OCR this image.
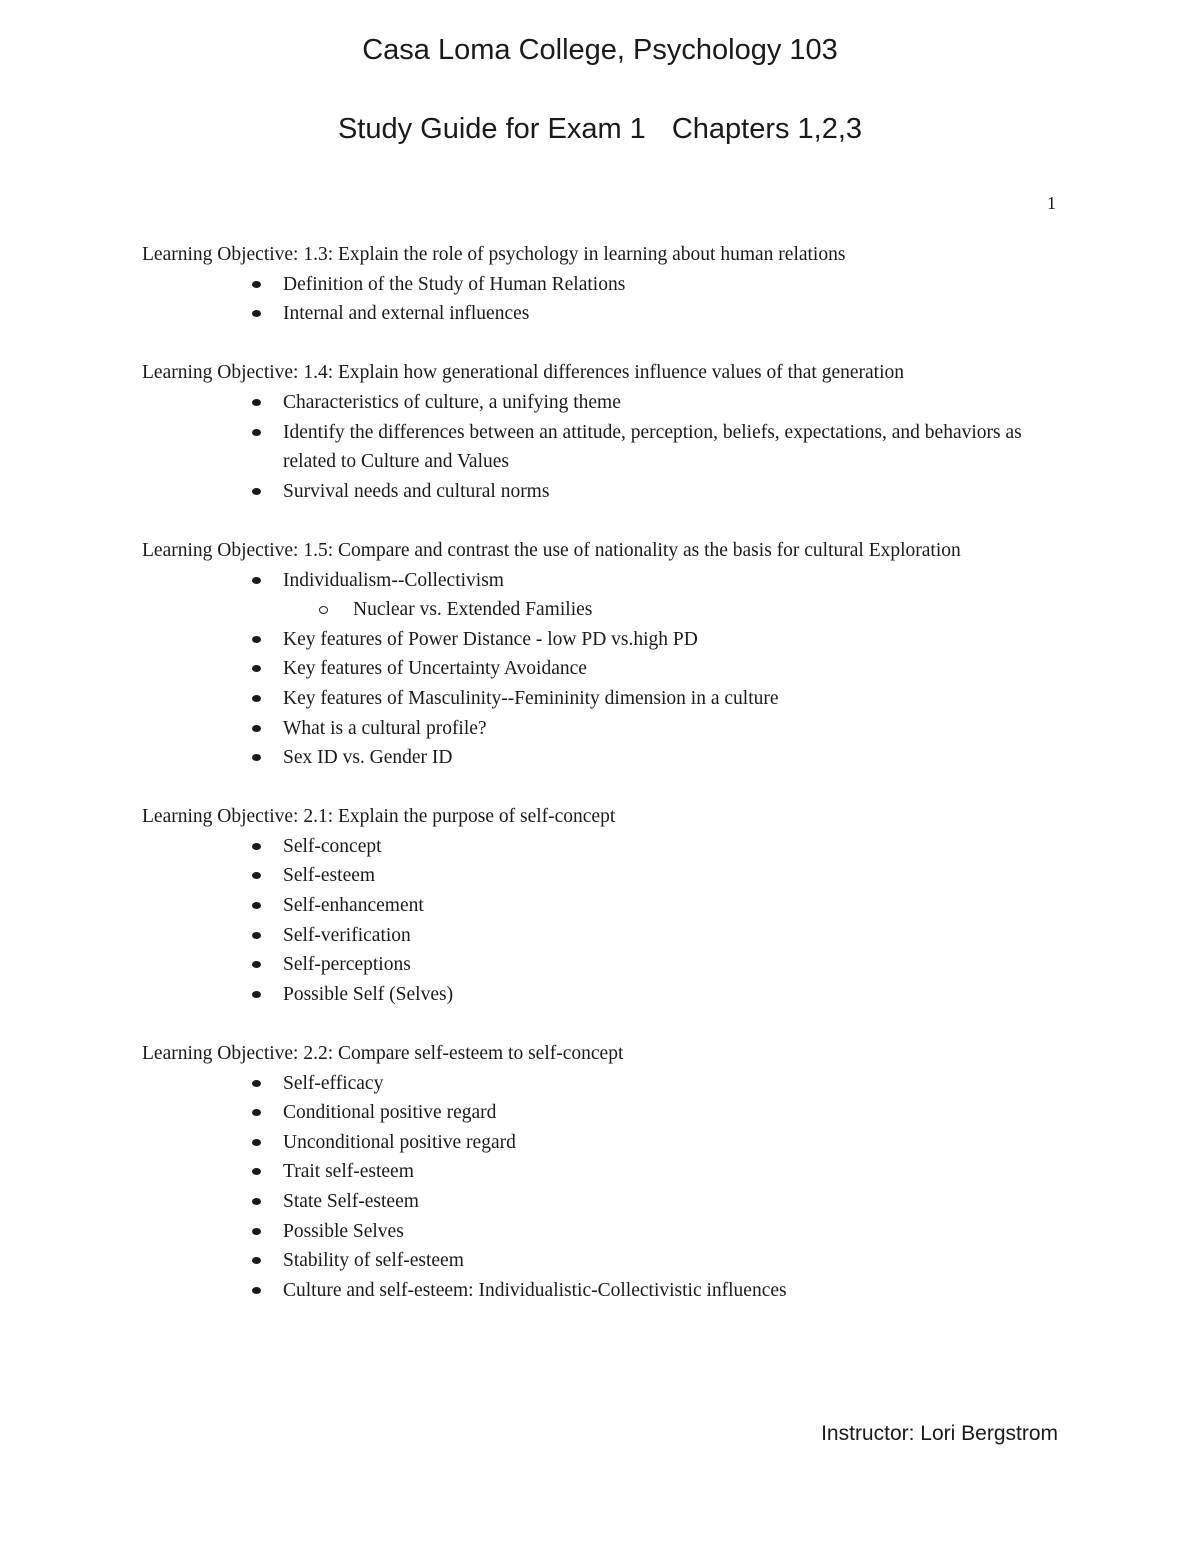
Casa Loma College, Psychology 103
Study Guide for Exam 1 Chapters 1,2,3
1

Learning Objective: 1.3: Explain the role of psychology in learning about human relations

Definition of the Study of Human Relations
Internal and external influences

Learning Objective: 1.4: Explain how generational differences influence values of that generation

Characteristics of culture, a unifying theme
Identify the differences between an attitude, perception, beliefs, expectations, and behaviors as related to Culture and Values
Survival needs and cultural norms

Learning Objective: 1.5: Compare and contrast the use of nationality as the basis for cultural Exploration

Individualism--Collectivism
Nuclear vs. Extended Families
Key features of Power Distance - low PD vs.high PD
Key features of Uncertainty Avoidance
Key features of Masculinity--Femininity dimension in a culture
What is a cultural profile?
Sex ID vs. Gender ID

Learning Objective: 2.1: Explain the purpose of self-concept

Self-concept
Self-esteem
Self-enhancement
Self-verification
Self-perceptions
Possible Self (Selves)

Learning Objective: 2.2: Compare self-esteem to self-concept

Self-efficacy
Conditional positive regard
Unconditional positive regard
Trait self-esteem
State Self-esteem
Possible Selves
Stability of self-esteem
Culture and self-esteem: Individualistic-Collectivistic influences
Instructor: Lori Bergstrom
